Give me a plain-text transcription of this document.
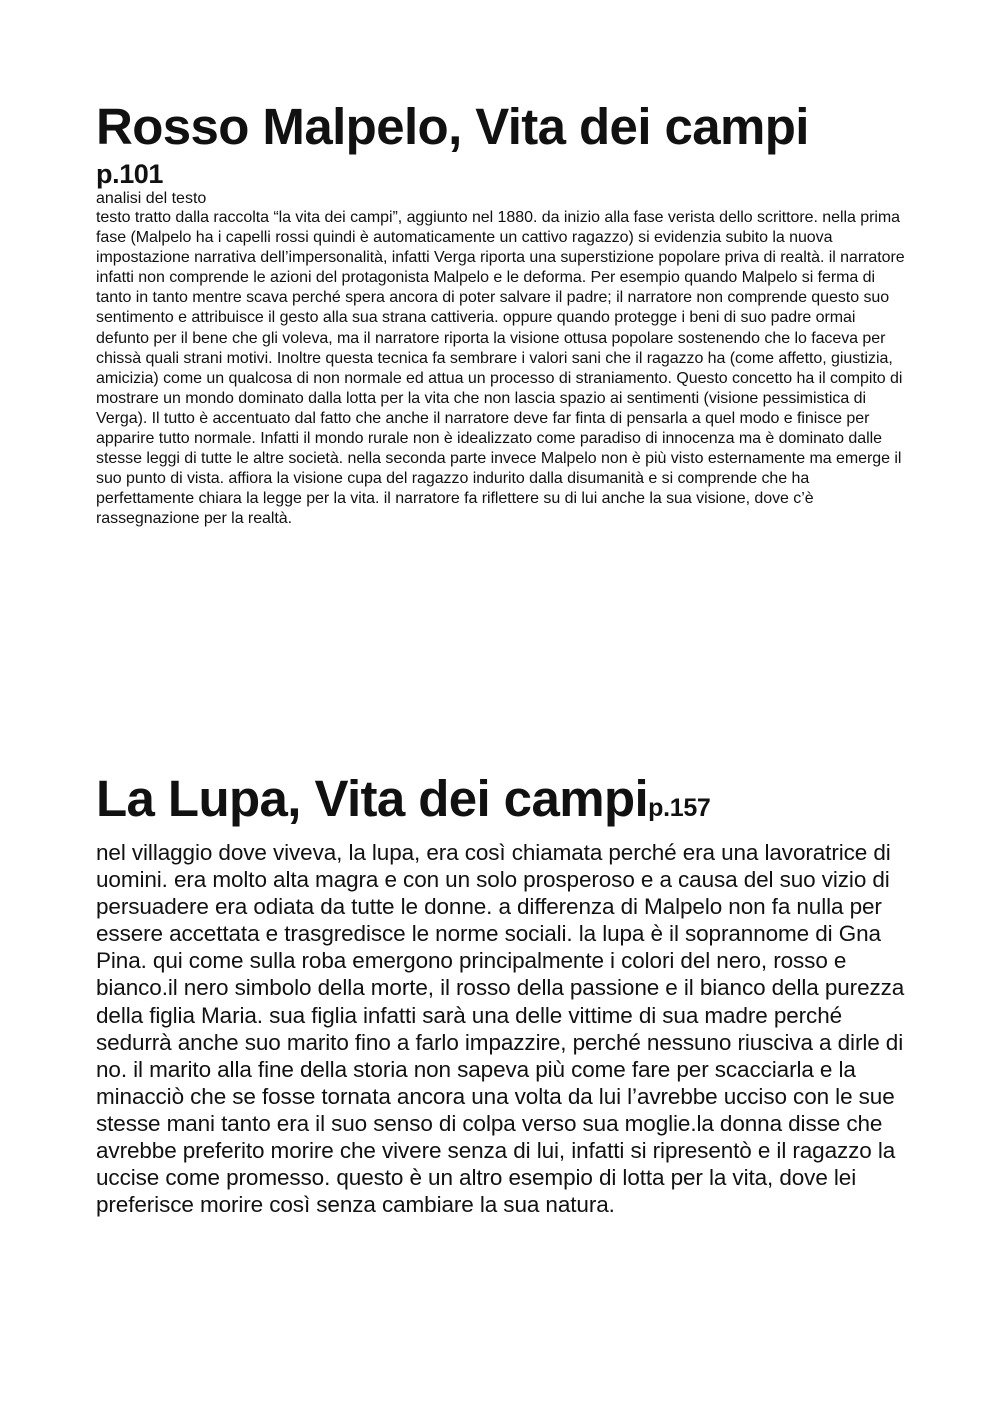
Rosso Malpelo, Vita dei campi
p.101

analisi del testo

testo tratto dalla raccolta “la vita dei campi”, aggiunto nel 1880. da inizio alla fase verista dello scrittore. nella prima fase (Malpelo ha i capelli rossi quindi è automaticamente un cattivo ragazzo) si evidenzia subito la nuova impostazione narrativa dell’impersonalità, infatti Verga riporta una superstizione popolare priva di realtà. il narratore infatti non comprende le azioni del protagonista Malpelo e le deforma. Per esempio quando Malpelo si ferma di tanto in tanto mentre scava perché spera ancora di poter salvare il padre; il narratore non comprende questo suo sentimento e attribuisce il gesto alla sua strana cattiveria. oppure quando protegge i beni di suo padre ormai defunto per il bene che gli voleva, ma il narratore riporta la visione ottusa popolare sostenendo che lo faceva per chissà quali strani motivi. Inoltre questa tecnica fa sembrare i valori sani che il ragazzo ha (come affetto, giustizia, amicizia) come un qualcosa di non normale ed attua un processo di straniamento. Questo concetto ha il compito di mostrare un mondo dominato dalla lotta per la vita che non lascia spazio ai sentimenti (visione pessimistica di Verga). Il tutto è accentuato dal fatto che anche il narratore deve far finta di pensarla a quel modo e finisce per apparire tutto normale. Infatti il mondo rurale non è idealizzato come paradiso di innocenza ma è dominato dalle stesse leggi di tutte le altre società. nella seconda parte invece Malpelo non è più visto esternamente ma emerge il suo punto di vista. affiora la visione cupa del ragazzo indurito dalla disumanità e si comprende che ha perfettamente chiara la legge per la vita. il narratore fa riflettere su di lui anche la sua visione, dove c’è rassegnazione per la realtà.

La Lupa, Vita dei campip.157

nel villaggio dove viveva, la lupa, era così chiamata perché era una lavoratrice di uomini. era molto alta magra e con un solo prosperoso e a causa del suo vizio di persuadere era odiata da tutte le donne. a differenza di Malpelo non fa nulla per essere accettata e trasgredisce le norme sociali. la lupa è il soprannome di Gna Pina. qui come sulla roba emergono principalmente i colori del nero, rosso e bianco.il nero simbolo della morte, il rosso della passione e il bianco della purezza della figlia Maria. sua figlia infatti sarà una delle vittime di sua madre perché sedurrà anche suo marito fino a farlo impazzire, perché nessuno riusciva a dirle di no. il marito alla fine della storia non sapeva più come fare per scacciarla e la minacciò che se fosse tornata ancora una volta da lui l’avrebbe ucciso con le sue stesse mani tanto era il suo senso di colpa verso sua moglie.la donna disse che avrebbe preferito morire che vivere senza di lui, infatti si ripresentò e il ragazzo la uccise come promesso. questo è un altro esempio di lotta per la vita, dove lei preferisce morire così senza cambiare la sua natura.
